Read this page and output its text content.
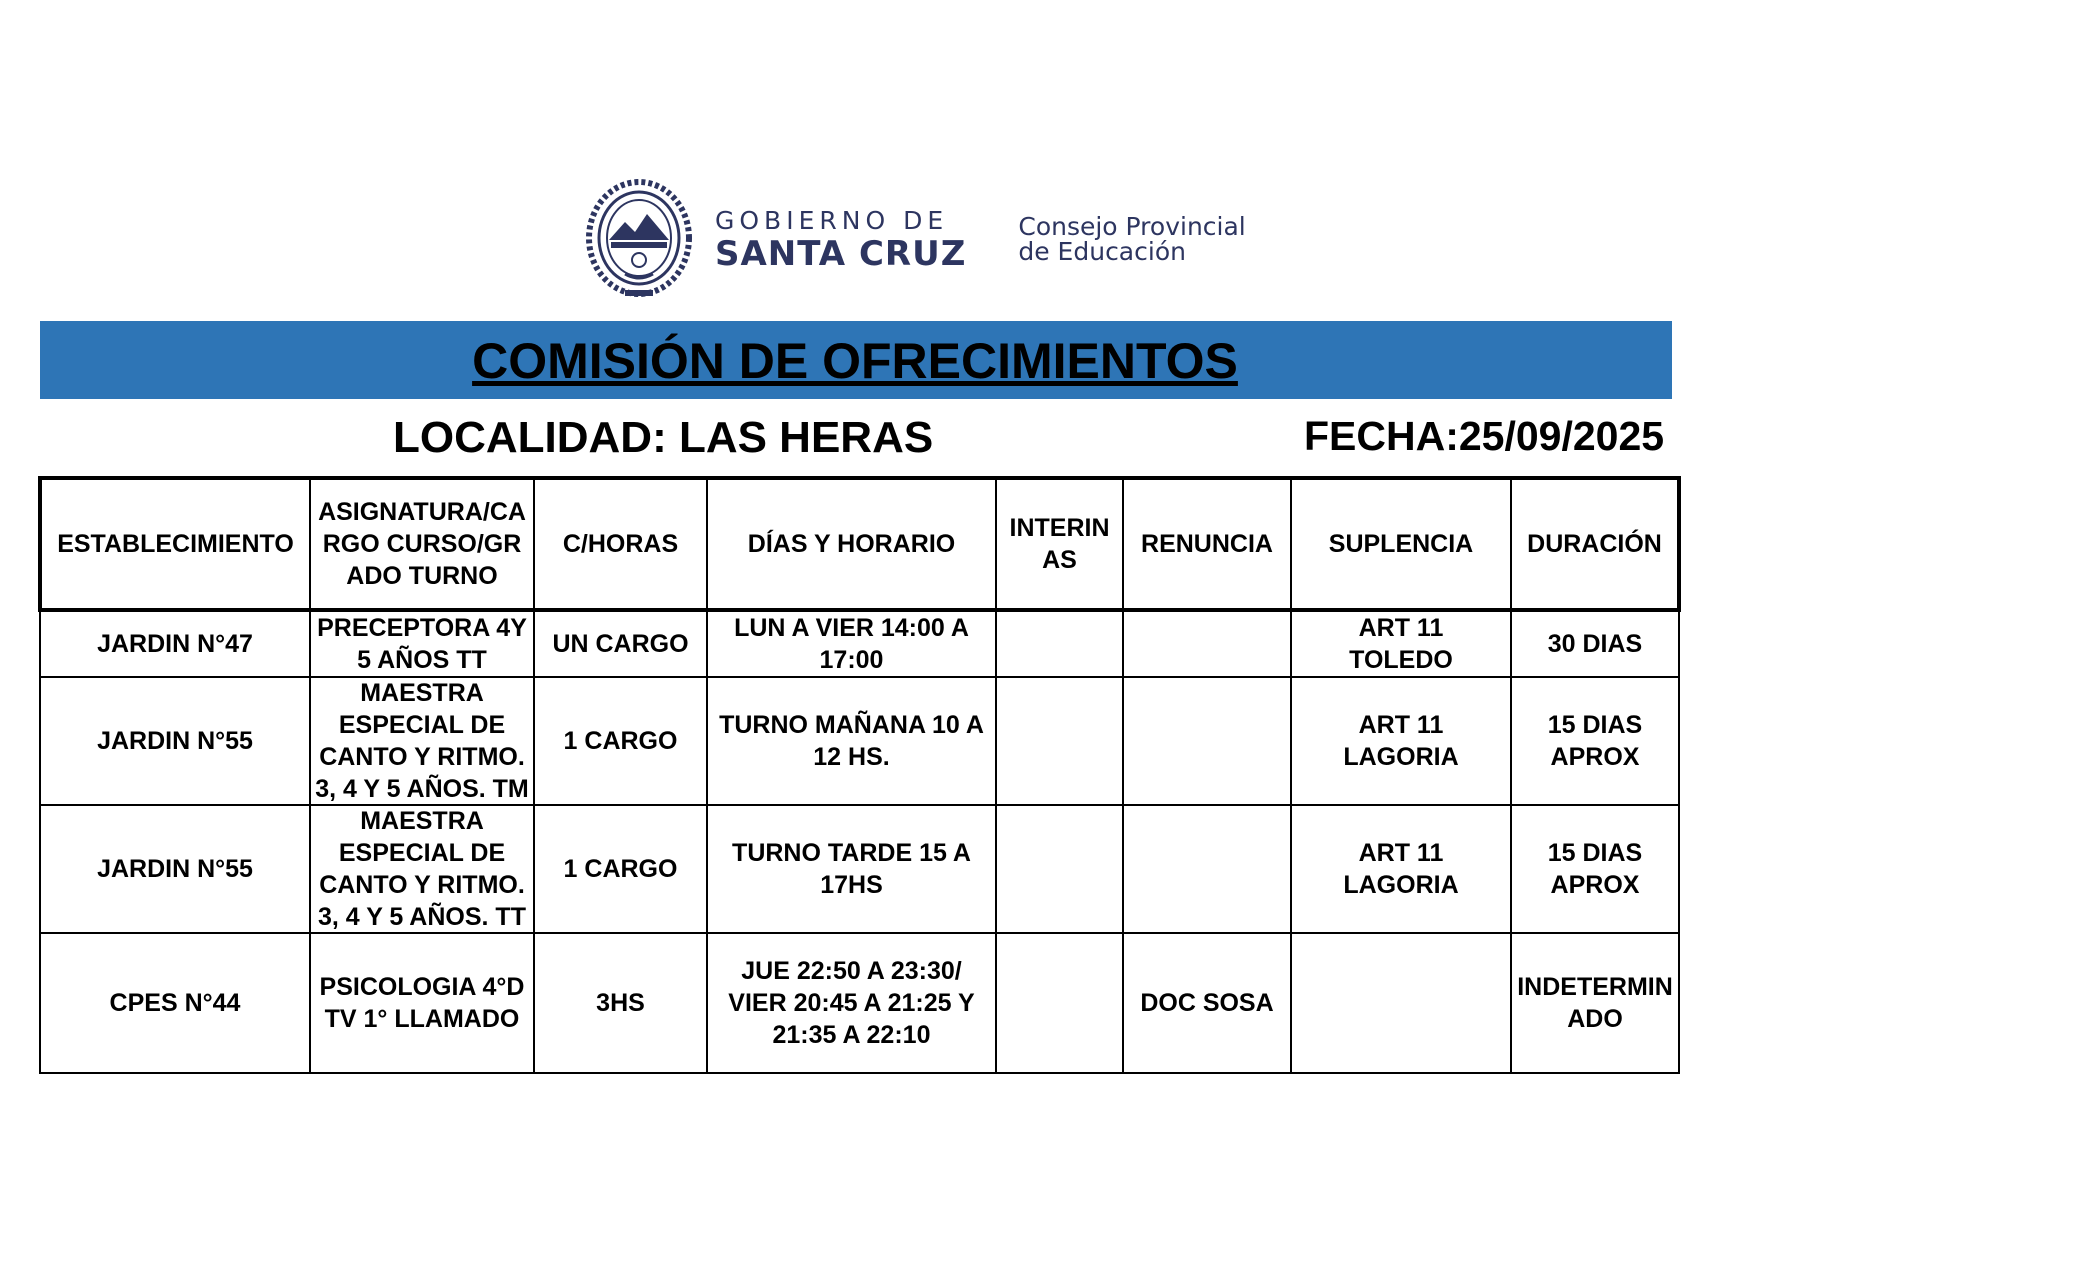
GOBIERNO DE
SANTA CRUZ
Consejo Provincial
de Educación
COMISIÓN DE OFRECIMIENTOS
LOCALIDAD: LAS HERAS	FECHA:25/09/2025
ESTABLECIMIENTO	ASIGNATURA/CARGO CURSO/GRADO TURNO	C/HORAS	DÍAS Y HORARIO	INTERINAS	RENUNCIA	SUPLENCIA	DURACIÓN
JARDIN N°47	PRECEPTORA 4Y 5 AÑOS TT	UN CARGO	LUN A VIER 14:00 A 17:00			ART 11 TOLEDO	30 DIAS
JARDIN N°55	MAESTRA ESPECIAL DE CANTO Y RITMO. 3, 4 Y 5 AÑOS. TM	1 CARGO	TURNO MAÑANA 10 A 12 HS.			ART 11 LAGORIA	15 DIAS APROX
JARDIN N°55	MAESTRA ESPECIAL DE CANTO Y RITMO. 3, 4 Y 5 AÑOS. TT	1 CARGO	TURNO TARDE 15 A 17HS			ART 11 LAGORIA	15 DIAS APROX
CPES N°44	PSICOLOGIA 4°D TV 1° LLAMADO	3HS	JUE 22:50 A 23:30/ VIER 20:45 A 21:25 Y 21:35 A 22:10		DOC SOSA		INDETERMINADO
